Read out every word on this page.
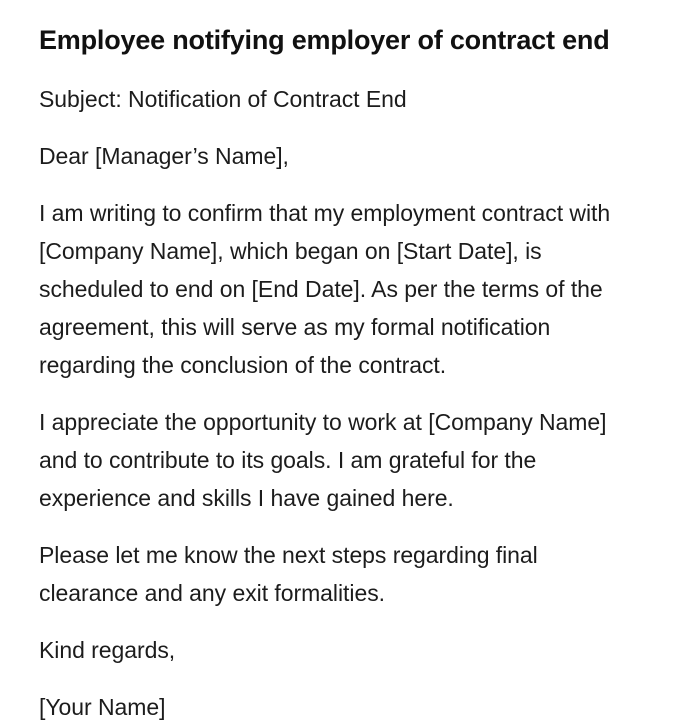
Employee notifying employer of contract end

Subject: Notification of Contract End

Dear [Manager’s Name],

I am writing to confirm that my employment contract with [Company Name], which began on [Start Date], is scheduled to end on [End Date]. As per the terms of the agreement, this will serve as my formal notification regarding the conclusion of the contract.

I appreciate the opportunity to work at [Company Name] and to contribute to its goals. I am grateful for the experience and skills I have gained here.

Please let me know the next steps regarding final clearance and any exit formalities.

Kind regards,

[Your Name]
